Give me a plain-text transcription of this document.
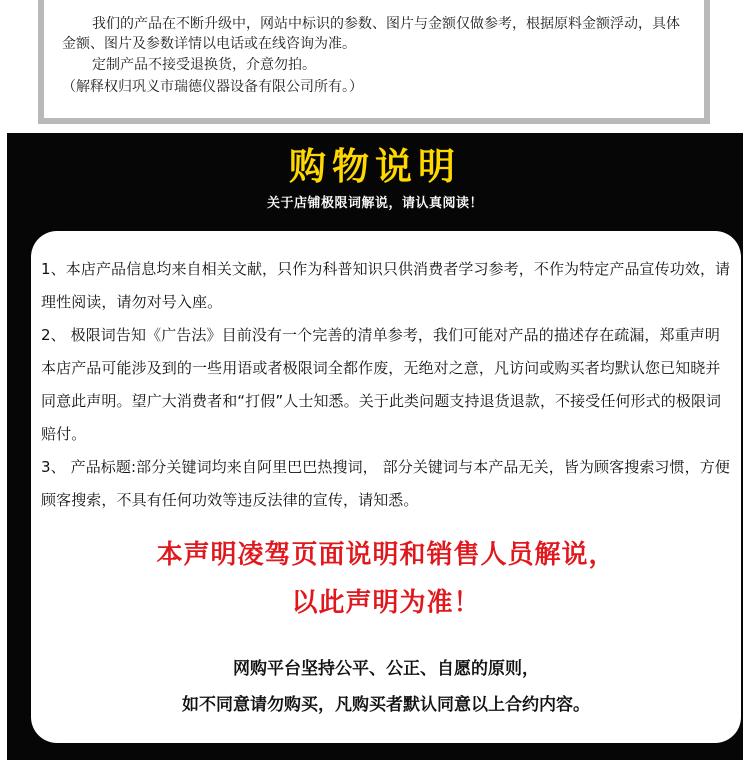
我们的产品在不断升级中，网站中标识的参数、图片与金额仅做参考，根据原料金额浮动，具体金额、图片及参数详情以电话或在线咨询为准。

定制产品不接受退换货，介意勿拍。

（解释权归巩义市瑞德仪器设备有限公司所有。）

购物说明
关于店铺极限词解说，请认真阅读！

1、本店产品信息均来自相关文献，只作为科普知识只供消费者学习参考，不作为特定产品宣传功效，请理性阅读，请勿对号入座。

2、 极限词告知《广告法》目前没有一个完善的清单参考，我们可能对产品的描述存在疏漏，郑重声明本店产品可能涉及到的一些用语或者极限词全都作废，无绝对之意，凡访问或购买者均默认您已知晓并同意此声明。望广大消费者和“打假”人士知悉。关于此类问题支持退货退款，不接受任何形式的极限词赔付。

3、 产品标题:部分关键词均来自阿里巴巴热搜词， 部分关键词与本产品无关，皆为顾客搜索习惯，方便顾客搜索，不具有任何功效等违反法律的宣传，请知悉。

本声明凌驾页面说明和销售人员解说，
以此声明为准！
网购平台坚持公平、公正、自愿的原则，
如不同意请勿购买，凡购买者默认同意以上合约内容。
